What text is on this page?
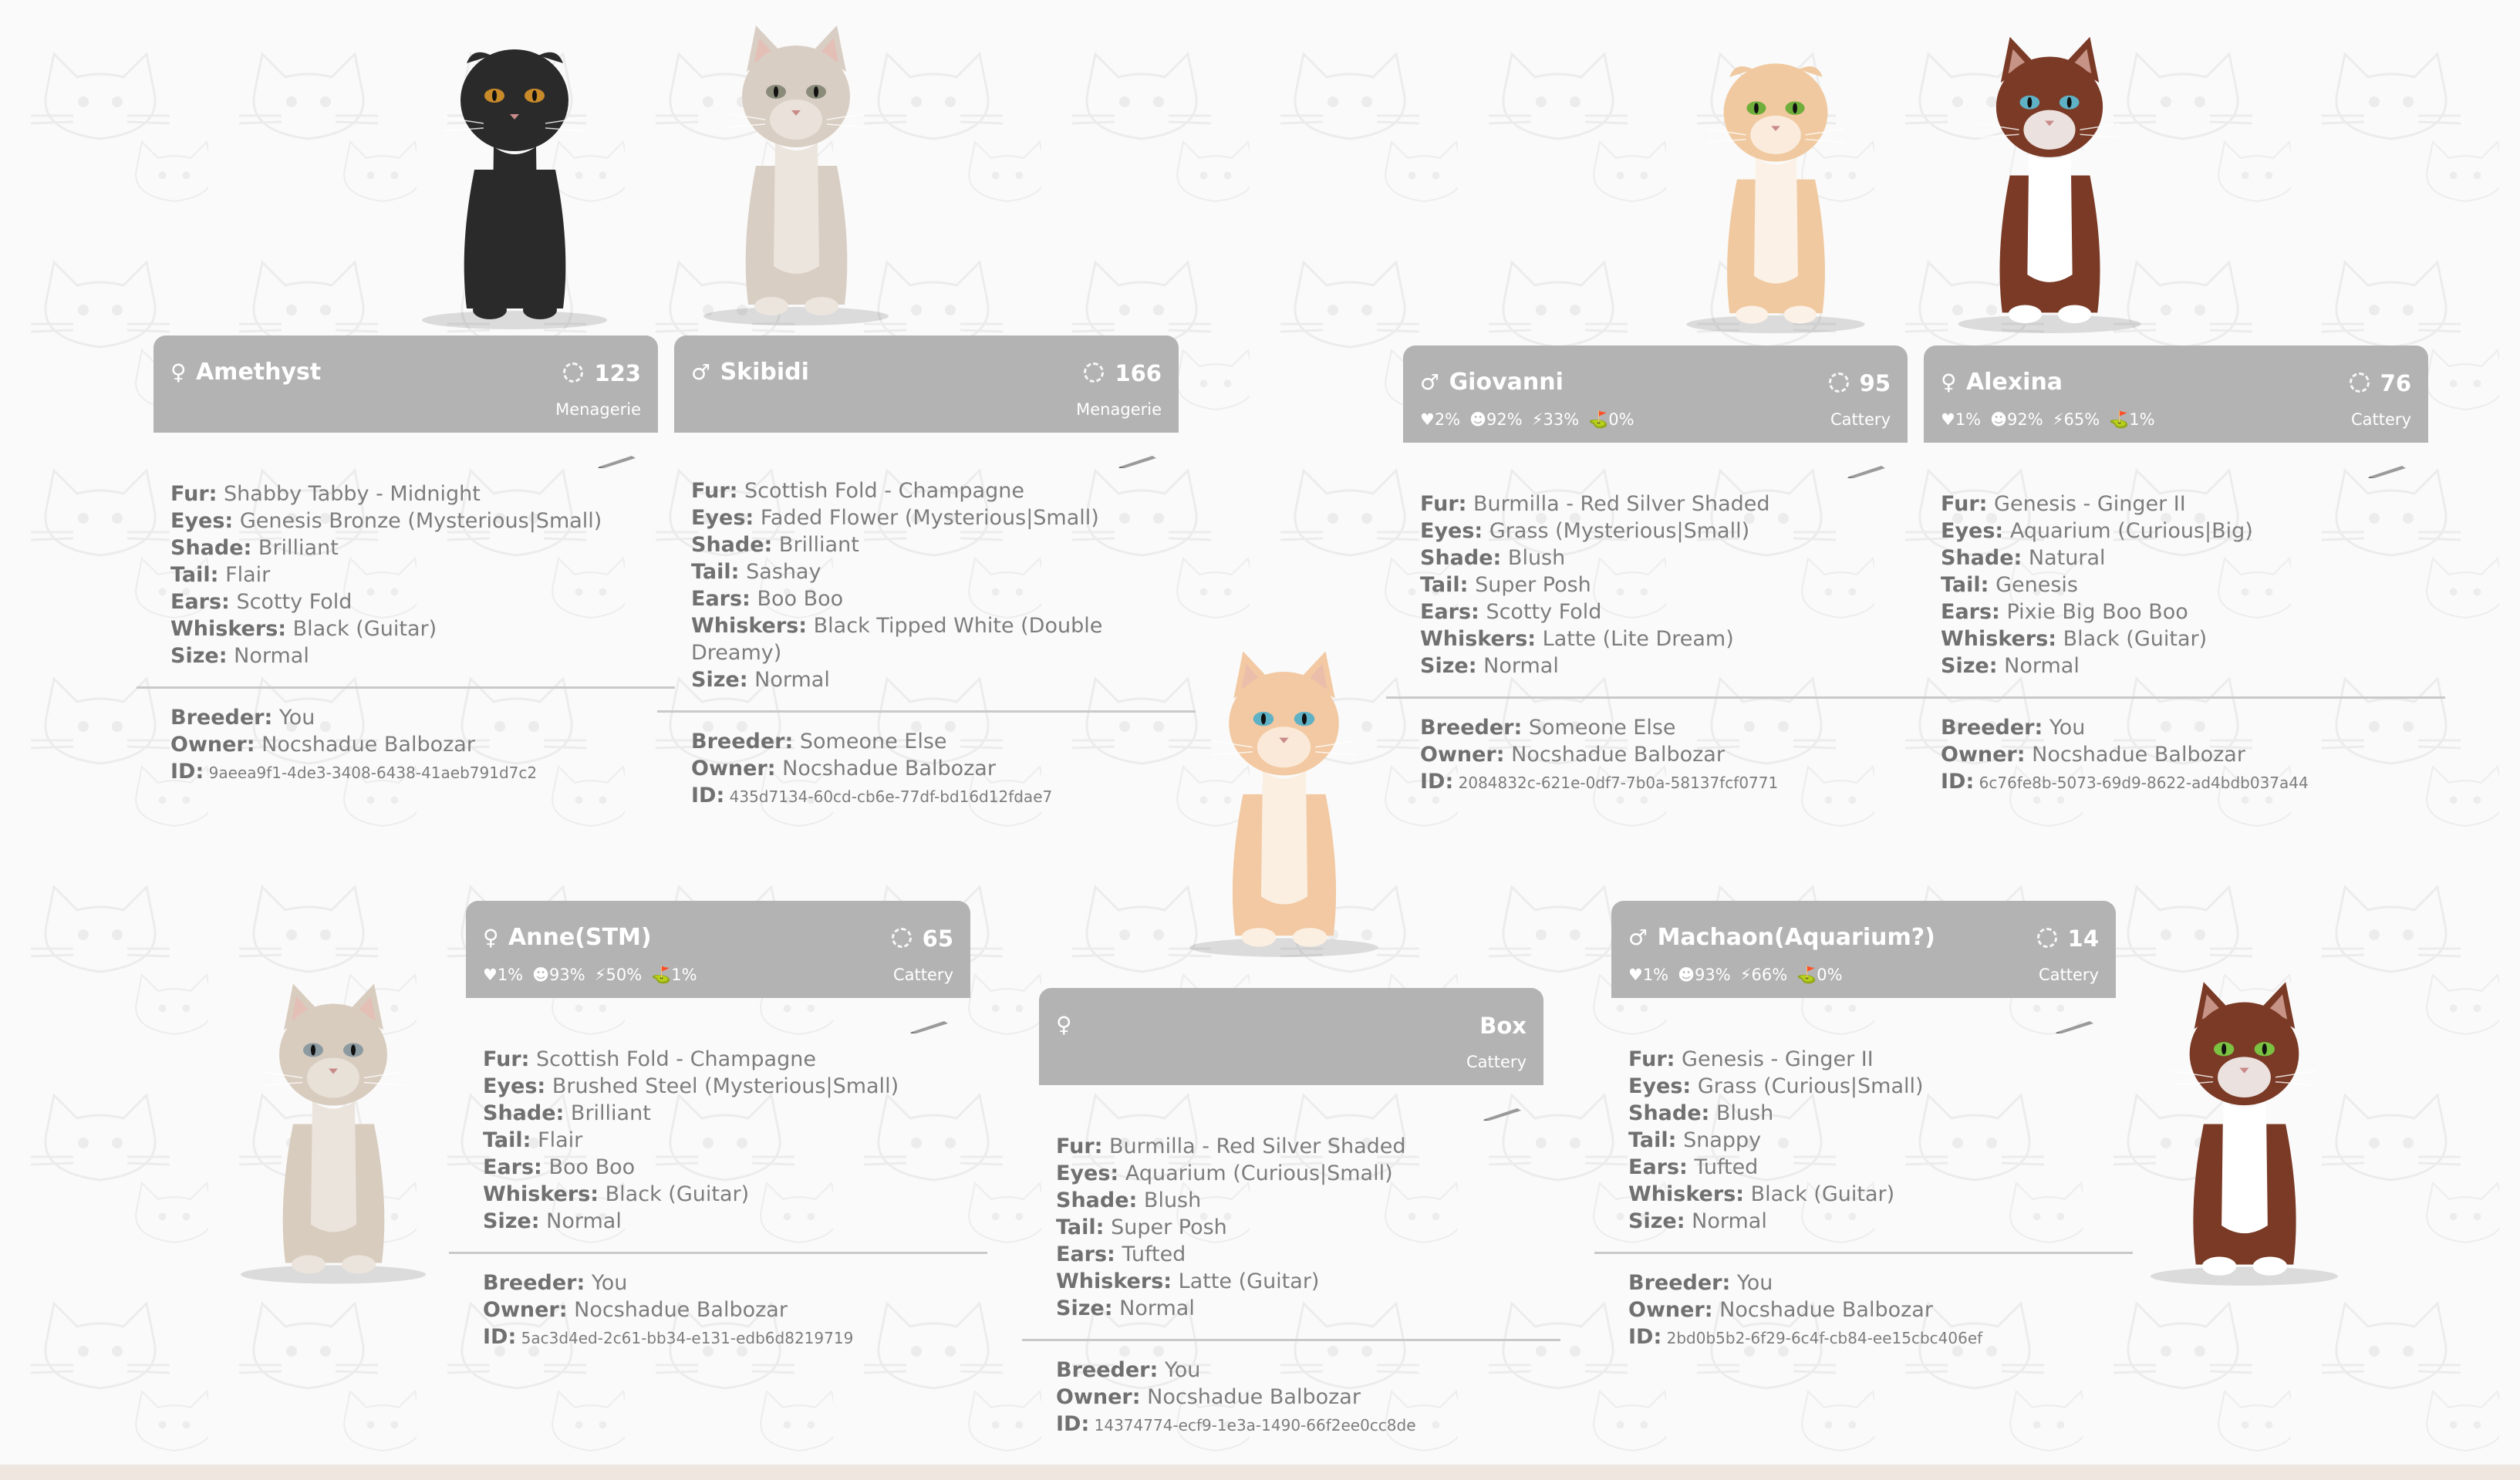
♀ Amethyst	123
Menagerie
Fur: Shabby Tabby - Midnight
Eyes: Genesis Bronze (Mysterious|Small)
Shade: Brilliant
Tail: Flair
Ears: Scotty Fold
Whiskers: Black (Guitar)
Size: Normal
Breeder: You
Owner: Nocshadue Balbozar
ID: 9aeea9f1-4de3-3408-6438-41aeb791d7c2
♂ Skibidi	166
Menagerie
Fur: Scottish Fold - Champagne
Eyes: Faded Flower (Mysterious|Small)
Shade: Brilliant
Tail: Sashay
Ears: Boo Boo
Whiskers: Black Tipped White (Double Dreamy)
Size: Normal
Breeder: Someone Else
Owner: Nocshadue Balbozar
ID: 435d7134-60cd-cb6e-77df-bd16d12fdae7
♂ Giovanni	95
♥2% ☻92% ⚡33% ⛳0%	Cattery
Fur: Burmilla - Red Silver Shaded
Eyes: Grass (Mysterious|Small)
Shade: Blush
Tail: Super Posh
Ears: Scotty Fold
Whiskers: Latte (Lite Dream)
Size: Normal
Breeder: Someone Else
Owner: Nocshadue Balbozar
ID: 2084832c-621e-0df7-7b0a-58137fcf0771
♀ Alexina	76
♥1% ☻92% ⚡65% ⛳1%	Cattery
Fur: Genesis - Ginger II
Eyes: Aquarium (Curious|Big)
Shade: Natural
Tail: Genesis
Ears: Pixie Big Boo Boo
Whiskers: Black (Guitar)
Size: Normal
Breeder: You
Owner: Nocshadue Balbozar
ID: 6c76fe8b-5073-69d9-8622-ad4bdb037a44
♀ Anne(STM)	65
♥1% ☻93% ⚡50% ⛳1%	Cattery
Fur: Scottish Fold - Champagne
Eyes: Brushed Steel (Mysterious|Small)
Shade: Brilliant
Tail: Flair
Ears: Boo Boo
Whiskers: Black (Guitar)
Size: Normal
Breeder: You
Owner: Nocshadue Balbozar
ID: 5ac3d4ed-2c61-bb34-e131-edb6d8219719
♀	Box
Cattery
Fur: Burmilla - Red Silver Shaded
Eyes: Aquarium (Curious|Small)
Shade: Blush
Tail: Super Posh
Ears: Tufted
Whiskers: Latte (Guitar)
Size: Normal
Breeder: You
Owner: Nocshadue Balbozar
ID: 14374774-ecf9-1e3a-1490-66f2ee0cc8de
♂ Machaon(Aquarium?)	14
♥1% ☻93% ⚡66% ⛳0%	Cattery
Fur: Genesis - Ginger II
Eyes: Grass (Curious|Small)
Shade: Blush
Tail: Snappy
Ears: Tufted
Whiskers: Black (Guitar)
Size: Normal
Breeder: You
Owner: Nocshadue Balbozar
ID: 2bd0b5b2-6f29-6c4f-cb84-ee15cbc406ef
